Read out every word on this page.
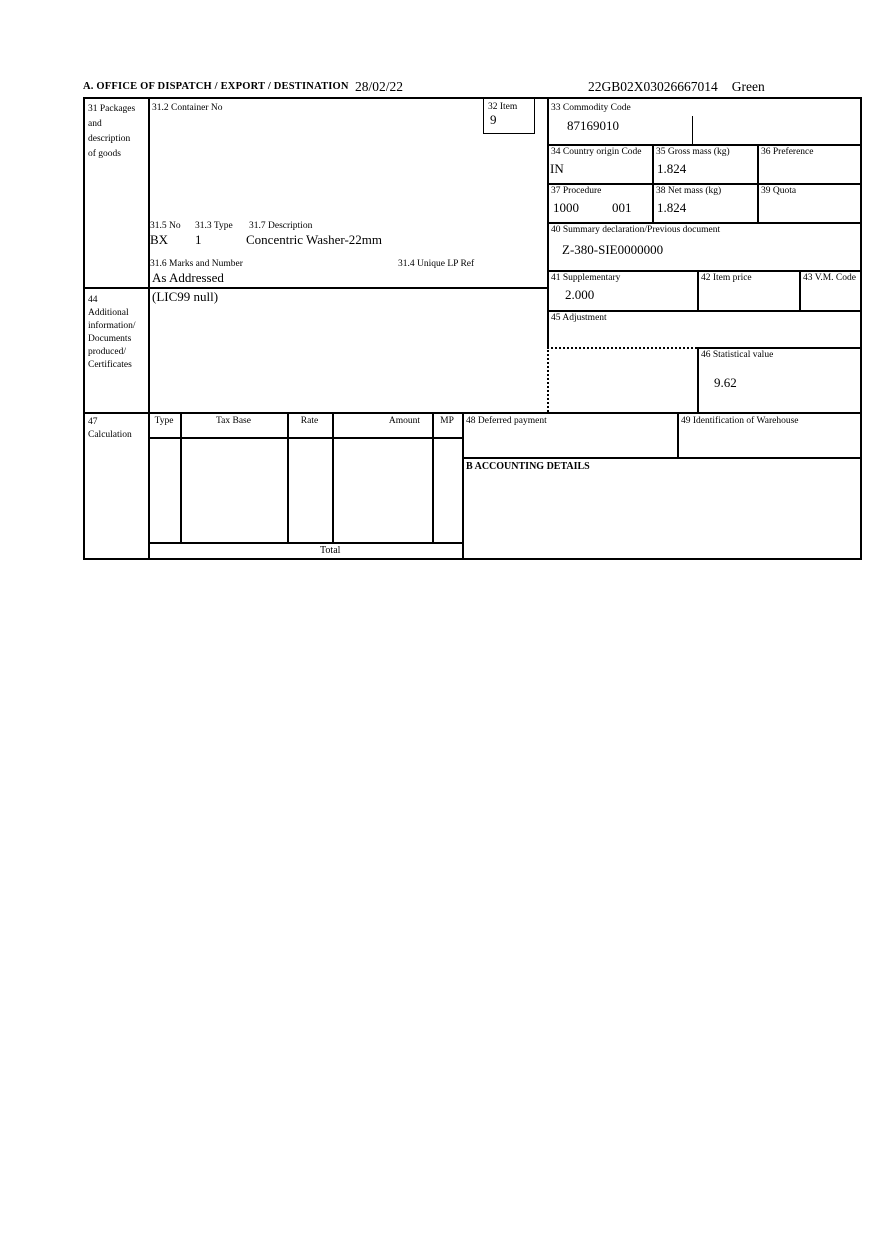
A. OFFICE OF DISPATCH / EXPORT / DESTINATION 28/02/22	22GB02X03026667014 Green
31 Packages
and
description
of goods
44
Additional
information/
Documents
produced/
Certificates
47
Calculation
31.2 Container No	32 Item
9
31.5 No 31.3 Type 31.7 Description
BX 1	Concentric Washer-22mm
31.6 Marks and Number	31.4 Unique LP Ref
As Addressed
(LIC99 null)
33 Commodity Code
87169010
34 Country origin Code
IN
35 Gross mass (kg)
1.824
36 Preference
37 Procedure
1000	001
38 Net mass (kg)
1.824
39 Quota
40 Summary declaration/Previous document
Z-380-SIE0000000
41 Supplementary
2.000
42 Item price	43 V.M. Code
45 Adjustment
46 Statistical value
9.62
Type	Tax Base	Rate	Amount	MP
Total
48 Deferred payment	49 Identification of Warehouse
B ACCOUNTING DETAILS
